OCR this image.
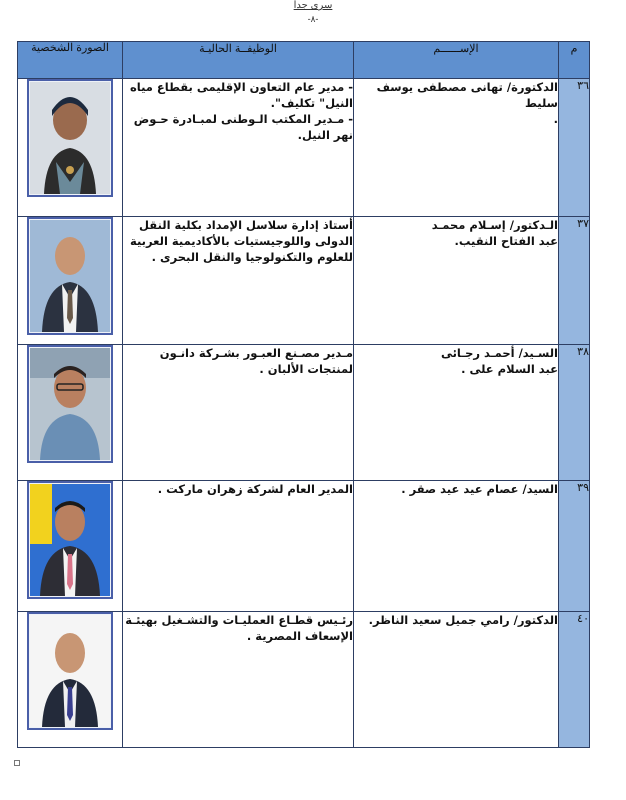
سرى جدا
-٨-
الصورة الشخصية	الوظيفــة الحاليـة	الإســــــم	م

- مدير عام التعاون الإقليمى بقطاع مياه
النيل" تكليف".
- مـدير المكتب الـوطنى لمبـادرة حـوض
نهر النيل.	الدكتورة/ تهانى مصطفى يوسف سليط
.	٣٦

أستاذ إدارة سلاسل الإمداد بكلية النقل
الدولى واللوجيستيات بالأكاديمية العربية
للعلوم والتكنولوجيا والنقل البحرى .	الـدكتور/ إسـلام محمـد
عبد الفتاح النقيب.	٣٧

مـدير مصـنع العبـور بشـركة دانـون
لمنتجات الألبان .	السـيد/ أحمـد رجـائى
عبد السلام على .	٣٨

المدير العام لشركة زهران ماركت .	السيد/ عصام عيد عيد صقر .	٣٩

رئـيس قطـاع العمليـات والتشـغيل بهيئـة
الإسعاف المصرية .	الدكتور/ رامي جميل سعيد الناظر.	٤٠
